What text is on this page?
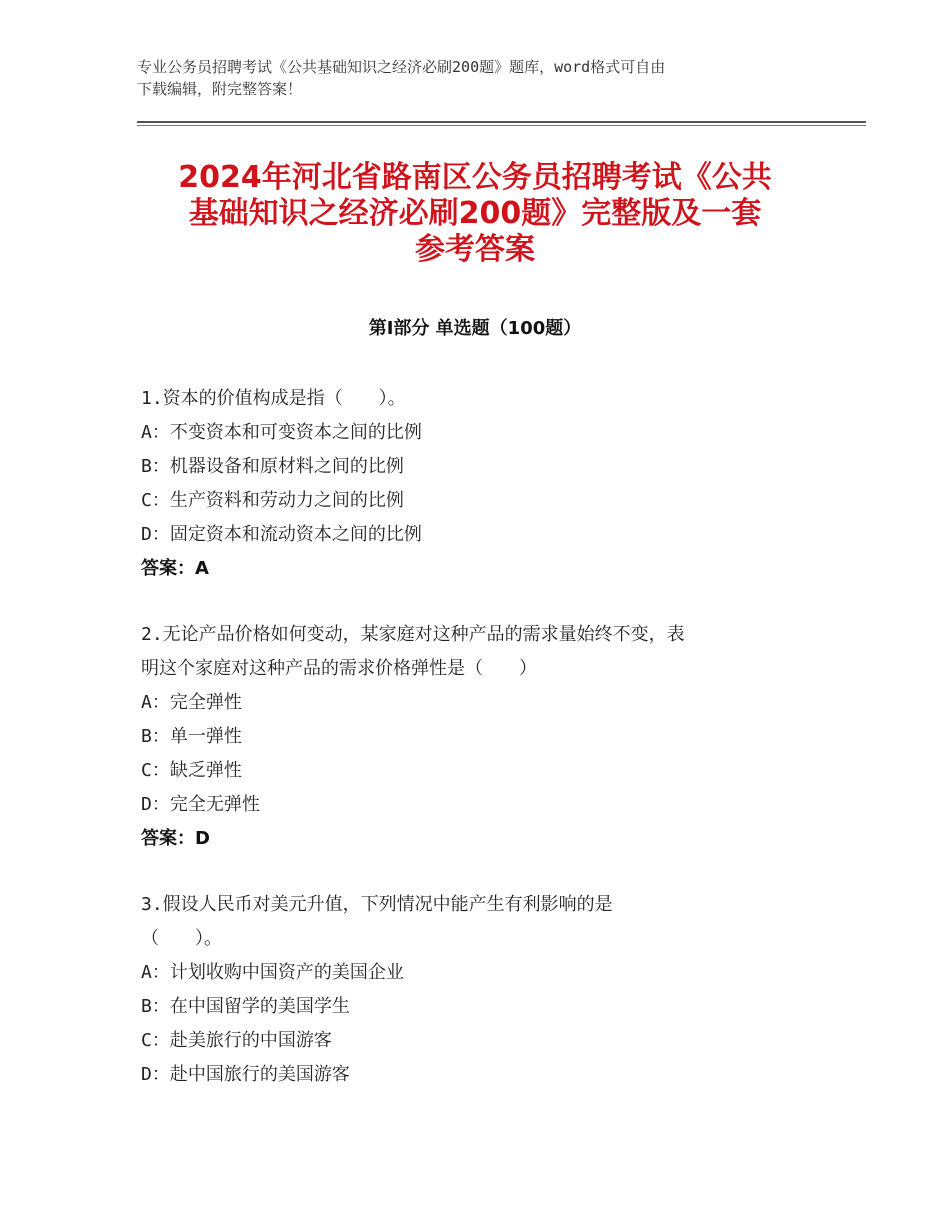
专业公务员招聘考试《公共基础知识之经济必刷200题》题库，word格式可自由
下载编辑，附完整答案！
2024年河北省路南区公务员招聘考试《公共
基础知识之经济必刷200题》完整版及一套
参考答案
第Ⅰ部分 单选题（100题）
1.资本的价值构成是指（　　）。
A：不变资本和可变资本之间的比例
B：机器设备和原材料之间的比例
C：生产资料和劳动力之间的比例
D：固定资本和流动资本之间的比例
答案：A
2.无论产品价格如何变动，某家庭对这种产品的需求量始终不变，表
明这个家庭对这种产品的需求价格弹性是（　　）
A：完全弹性
B：单一弹性
C：缺乏弹性
D：完全无弹性
答案：D
3.假设人民币对美元升值，下列情况中能产生有利影响的是
（　　）。
A：计划收购中国资产的美国企业
B：在中国留学的美国学生
C：赴美旅行的中国游客
D：赴中国旅行的美国游客
